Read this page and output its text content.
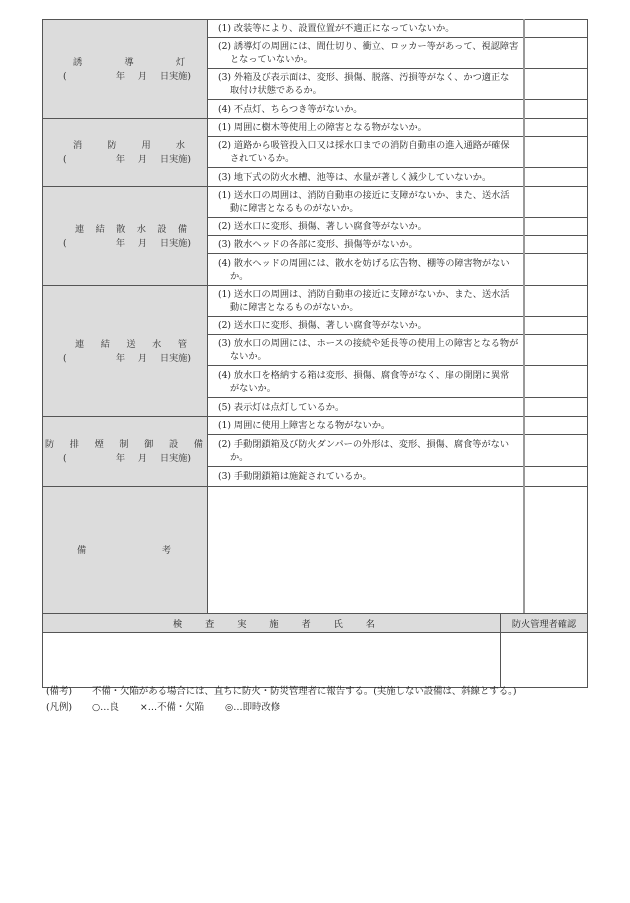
誘	導	灯
(	年 月 日実施)

(1) 改装等により、設置位置が不適正になっていないか。

	(2) 誘導灯の周囲には、間仕切り、衝立、ロッカー等があって、視認障害となっていないか。	

	(3) 外箱及び表示面は、変形、損傷、脱落、汚損等がなく、かつ適正な取付け状態であるか。	

	(4) 不点灯、ちらつき等がないか。	

消	防	用	水
(	年 月 日実施)

(1) 周囲に樹木等使用上の障害となる物がないか。

	(2) 道路から吸管投入口又は採水口までの消防自動車の進入通路が確保されているか。	

	(3) 地下式の防火水槽、池等は、水量が著しく減少していないか。	

連 結 散 水 設 備
(	年 月 日実施)

(1) 送水口の周囲は、消防自動車の接近に支障がないか、また、送水活動に障害となるものがないか。

	(2) 送水口に変形、損傷、著しい腐食等がないか。	

	(3) 散水ヘッドの各部に変形、損傷等がないか。	

	(4) 散水ヘッドの周囲には、散水を妨げる広告物、棚等の障害物がないか。	

連 結 送 水 管
(	年 月 日実施)

(1) 送水口の周囲は、消防自動車の接近に支障がないか、また、送水活動に障害となるものがないか。

	(2) 送水口に変形、損傷、著しい腐食等がないか。	

	(3) 放水口の周囲には、ホースの接続や延長等の使用上の障害となる物がないか。	

	(4) 放水口を格納する箱は変形、損傷、腐食等がなく、扉の開閉に異常がないか。	

	(5) 表示灯は点灯しているか。	

防 排 煙 制 御 設 備
(	年 月 日実施)

(1) 周囲に使用上障害となる物がないか。

	(2) 手動閉鎖箱及び防火ダンパーの外形は、変形、損傷、腐食等がないか。	

	(3) 手動閉鎖箱は施錠されているか。	

備 考		

検 査 実 施 者 氏 名	防火管理者確認

(備考)	不備・欠陥がある場合には、直ちに防火・防災管理者に報告する。(実施しない設備は、斜線とする。)
(凡例)	○…良 ×…不備・欠陥 ◎…即時改修
